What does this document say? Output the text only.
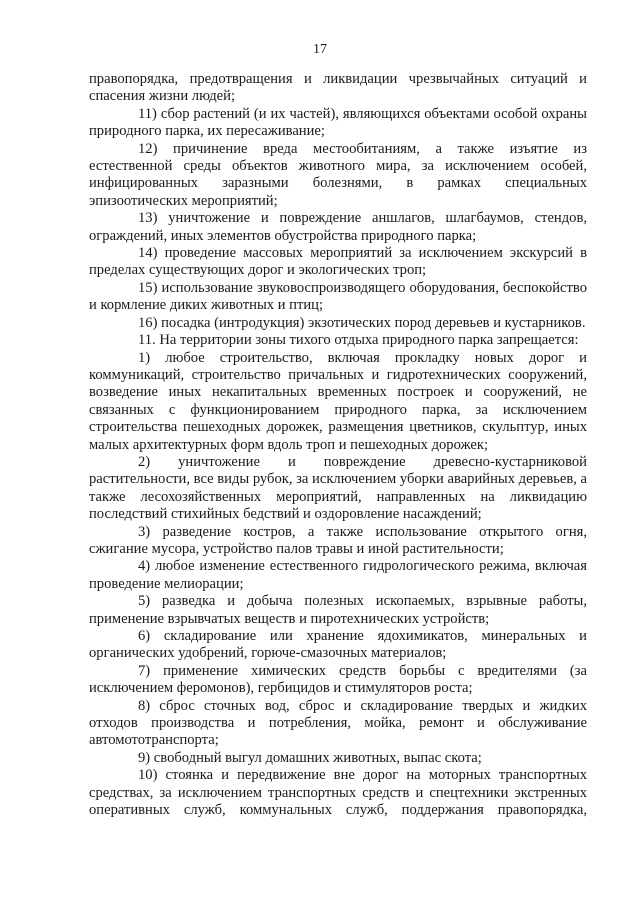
17

правопорядка, предотвращения и ликвидации чрезвычайных ситуаций и спасения жизни людей;

11) сбор растений (и их частей), являющихся объектами особой охраны природного парка, их пересаживание;

12) причинение вреда местообитаниям, а также изъятие из естественной среды объектов животного мира, за исключением особей, инфицированных заразными болезнями, в рамках специальных эпизоотических мероприятий;

13) уничтожение и повреждение аншлагов, шлагбаумов, стендов, ограждений, иных элементов обустройства природного парка;

14) проведение массовых мероприятий за исключением экскурсий в пределах существующих дорог и экологических троп;

15) использование звуковоспроизводящего оборудования, беспокойство и кормление диких животных и птиц;

16) посадка (интродукция) экзотических пород деревьев и кустарников.

11. На территории зоны тихого отдыха природного парка запрещается:

1) любое строительство, включая прокладку новых дорог и коммуникаций, строительство причальных и гидротехнических сооружений, возведение иных некапитальных временных построек и сооружений, не связанных с функционированием природного парка, за исключением строительства пешеходных дорожек, размещения цветников, скульптур, иных малых архитектурных форм вдоль троп и пешеходных дорожек;

2) уничтожение и повреждение древесно-кустарниковой растительности, все виды рубок, за исключением уборки аварийных деревьев, а также лесохозяйственных мероприятий, направленных на ликвидацию последствий стихийных бедствий и оздоровление насаждений;

3) разведение костров, а также использование открытого огня, сжигание мусора, устройство палов травы и иной растительности;

4) любое изменение естественного гидрологического режима, включая проведение мелиорации;

5) разведка и добыча полезных ископаемых, взрывные работы, применение взрывчатых веществ и пиротехнических устройств;

6) складирование или хранение ядохимикатов, минеральных и органических удобрений, горюче-смазочных материалов;

7) применение химических средств борьбы с вредителями (за исключением феромонов), гербицидов и стимуляторов роста;

8) сброс сточных вод, сброс и складирование твердых и жидких отходов производства и потребления, мойка, ремонт и обслуживание автомототранспорта;

9) свободный выгул домашних животных, выпас скота;

10) стоянка и передвижение вне дорог на моторных транспортных средствах, за исключением транспортных средств и спецтехники экстренных оперативных служб, коммунальных служб, поддержания правопорядка,
